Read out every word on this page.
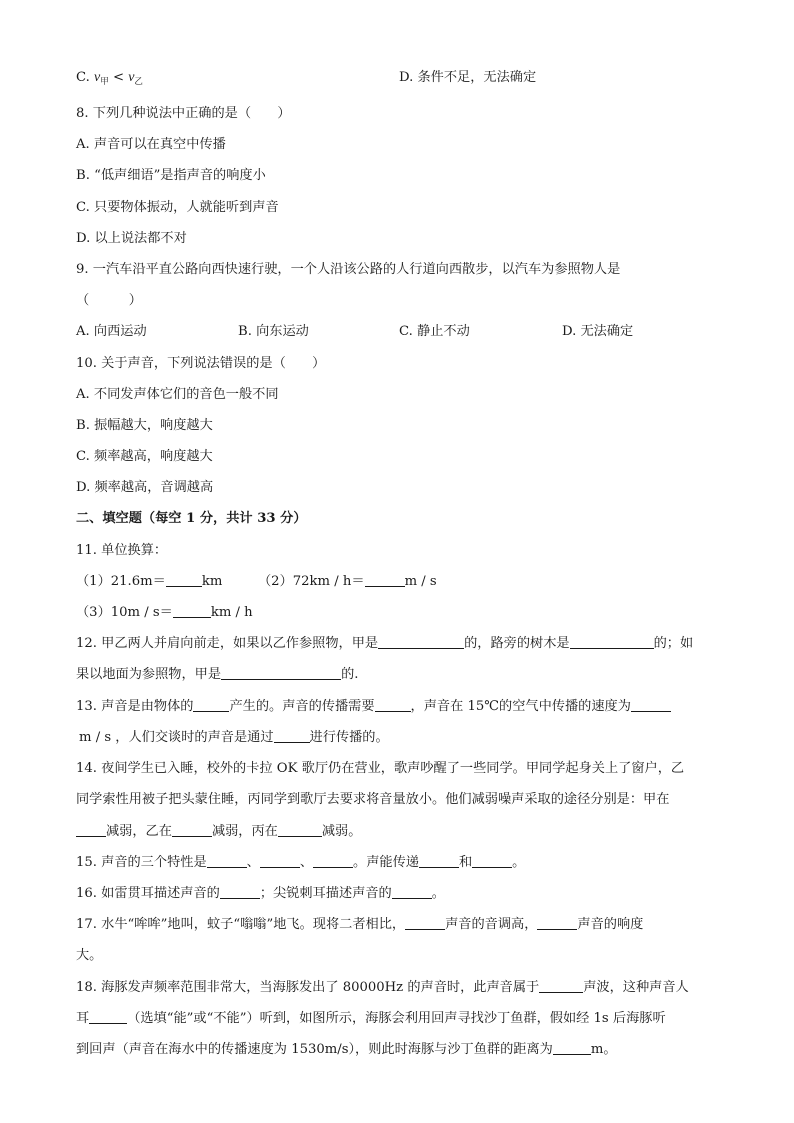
C. $v_甲 < v_乙$	D. 条件不足，无法确定
8. 下列几种说法中正确的是（　　）
A. 声音可以在真空中传播
B. “低声细语”是指声音的响度小
C. 只要物体振动，人就能听到声音
D. 以上说法都不对
9. 一汽车沿平直公路向西快速行驶，一个人沿该公路的人行道向西散步，以汽车为参照物人是
（　　　）
A. 向西运动	B. 向东运动	C. 静止不动	D. 无法确定
10. 关于声音，下列说法错误的是（　　）
A. 不同发声体它们的音色一般不同
B. 振幅越大，响度越大
C. 频率越高，响度越大
D. 频率越高，音调越高
二、填空题（每空 1 分，共计 33 分）
11. 单位换算：
（1）21.6m＝	km	（2）72km / h＝	m / s
（3）10m / s＝	km / h
12. 甲乙两人并肩向前走，如果以乙作参照物，甲是	的，路旁的树木是	的；如
果以地面为参照物，甲是	的.
13. 声音是由物体的	产生的。声音的传播需要	，声音在 15℃的空气中传播的速度为
m / s ，人们交谈时的声音是通过	进行传播的。
14. 夜间学生已入睡，校外的卡拉 OK 歌厅仍在营业，歌声吵醒了一些同学。甲同学起身关上了窗户，乙
同学索性用被子把头蒙住睡，丙同学到歌厅去要求将音量放小。他们减弱噪声采取的途径分别是：甲在
减弱，乙在	减弱，丙在	减弱。
15. 声音的三个特性是	、	、	。声能传递	和	。
16. 如雷贯耳描述声音的	；尖锐刺耳描述声音的	。
17. 水牛“哞哞”地叫，蚊子“嗡嗡”地飞。现将二者相比，	声音的音调高，	声音的响度
大。
18. 海豚发声频率范围非常大，当海豚发出了 80000Hz 的声音时，此声音属于	声波，这种声音人
耳	（选填“能”或“不能”）听到，如图所示，海豚会利用回声寻找沙丁鱼群，假如经 1s 后海豚听
到回声（声音在海水中的传播速度为 1530m/s），则此时海豚与沙丁鱼群的距离为	m。
